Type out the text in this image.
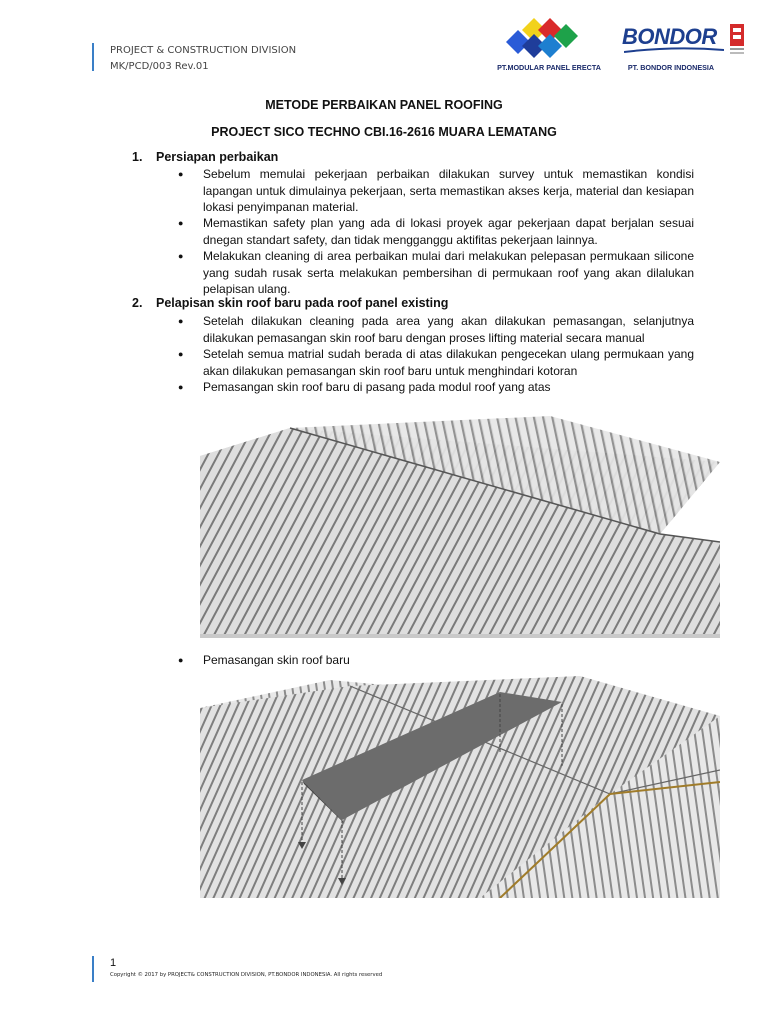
PROJECT & CONSTRUCTION DIVISION
MK/PCD/003 Rev.01	PT.MODULAR PANEL ERECTA
BONDOR
PT. BONDOR INDONESIA
METODE PERBAIKAN PANEL ROOFING
PROJECT SICO TECHNO CBI.16-2616 MUARA LEMATANG
1. Persiapan perbaikan
● Sebelum memulai pekerjaan perbaikan dilakukan survey untuk memastikan kondisi lapangan untuk dimulainya pekerjaan, serta memastikan akses kerja, material dan kesiapan lokasi penyimpanan material.
● Memastikan safety plan yang ada di lokasi proyek agar pekerjaan dapat berjalan sesuai dnegan standart safety, dan tidak mengganggu aktifitas pekerjaan lainnya.
● Melakukan cleaning di area perbaikan mulai dari melakukan pelepasan permukaan silicone yang sudah rusak serta melakukan pembersihan di permukaan roof yang akan dilalukan pelapisan ulang.
2. Pelapisan skin roof baru pada roof panel existing
● Setelah dilakukan cleaning pada area yang akan dilakukan pemasangan, selanjutnya dilakukan pemasangan skin roof baru dengan proses lifting material secara manual
● Setelah semua matrial sudah berada di atas dilakukan pengecekan ulang permukaan yang akan dilakukan pemasangan skin roof baru untuk menghindari kotoran
● Pemasangan skin roof baru di pasang pada modul roof yang atas
● Pemasangan skin roof baru
1
Copyright © 2017 by PROJECT& CONSTRUCTION DIVISION, PT.BONDOR INDONESIA. All rights reserved
